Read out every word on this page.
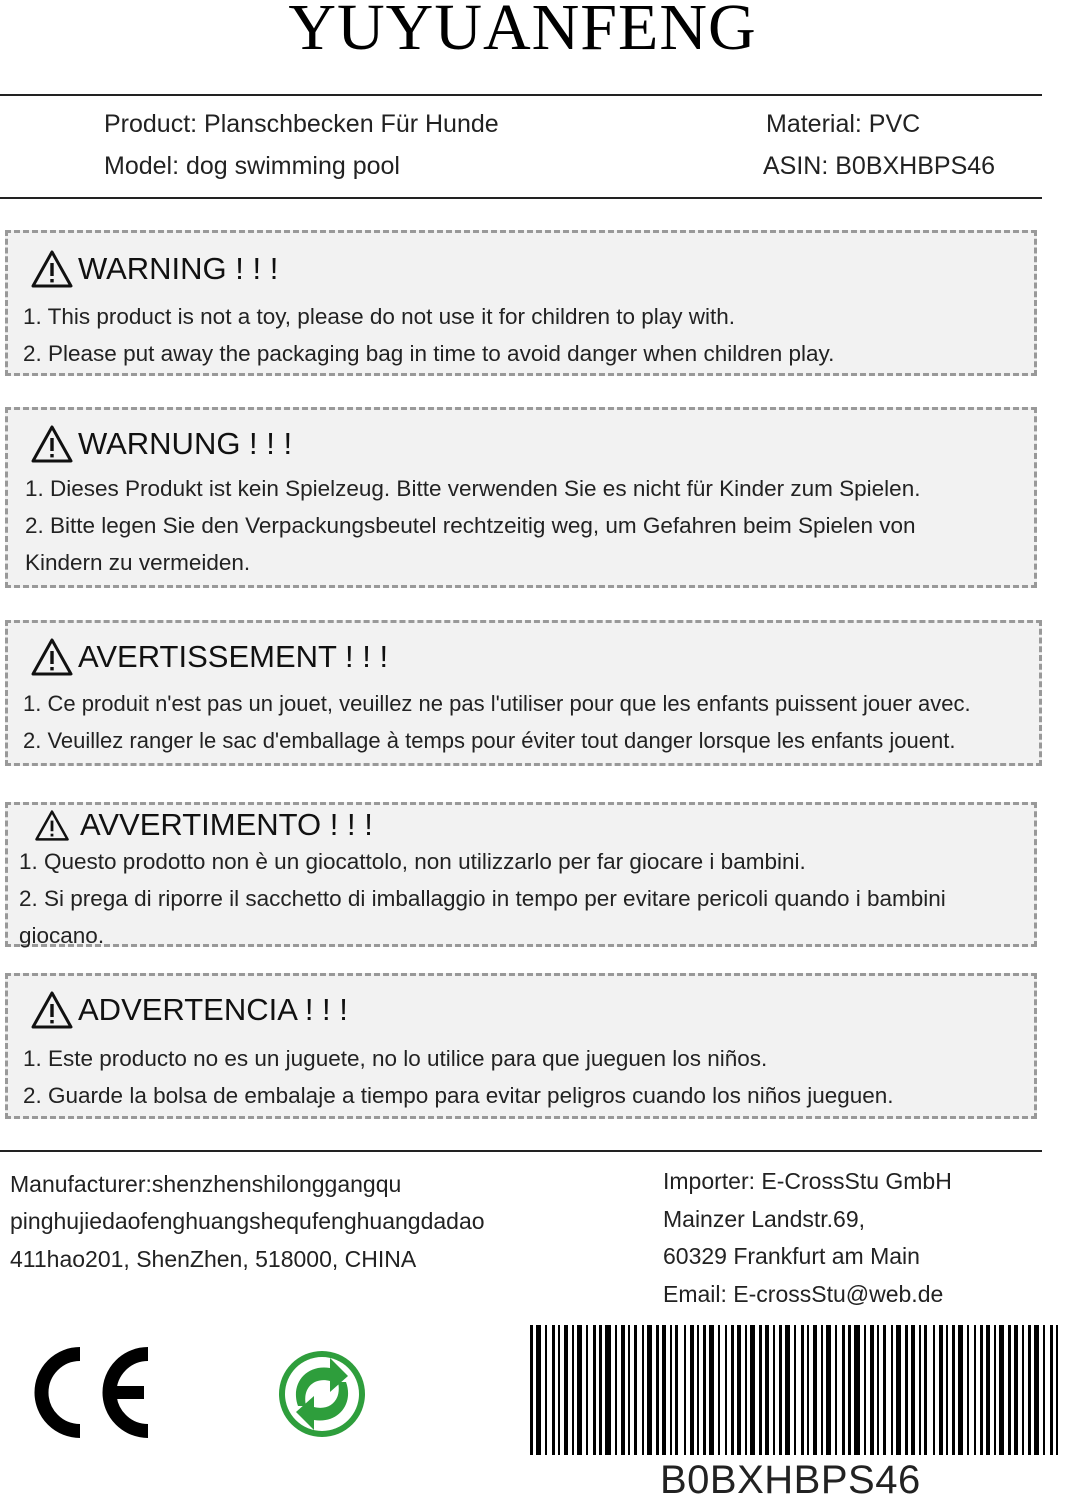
YUYUANFENG
Product: Planschbecken Für Hunde
Model: dog swimming pool
Material: PVC
ASIN: B0BXHBPS46
WARNING ! ! !
1. This product is not a toy, please do not use it for children to play with.
2. Please put away the packaging bag in time to avoid danger when children play.
WARNUNG ! ! !
1. Dieses Produkt ist kein Spielzeug. Bitte verwenden Sie es nicht für Kinder zum Spielen.
2. Bitte legen Sie den Verpackungsbeutel rechtzeitig weg, um Gefahren beim Spielen von
Kindern zu vermeiden.
AVERTISSEMENT ! ! !
1. Ce produit n'est pas un jouet, veuillez ne pas l'utiliser pour que les enfants puissent jouer avec.
2. Veuillez ranger le sac d'emballage à temps pour éviter tout danger lorsque les enfants jouent.
AVVERTIMENTO ! ! !
1. Questo prodotto non è un giocattolo, non utilizzarlo per far giocare i bambini.
2. Si prega di riporre il sacchetto di imballaggio in tempo per evitare pericoli quando i bambini
giocano.
ADVERTENCIA ! ! !
1. Este producto no es un juguete, no lo utilice para que jueguen los niños.
2. Guarde la bolsa de embalaje a tiempo para evitar peligros cuando los niños jueguen.
Manufacturer:shenzhenshilonggangqu
pinghujiedaofenghuangshequfenghuangdadao
411hao201, ShenZhen, 518000, CHINA
Importer: E-CrossStu GmbH
Mainzer Landstr.69,
60329 Frankfurt am Main
Email: E-crossStu@web.de
B0BXHBPS46
